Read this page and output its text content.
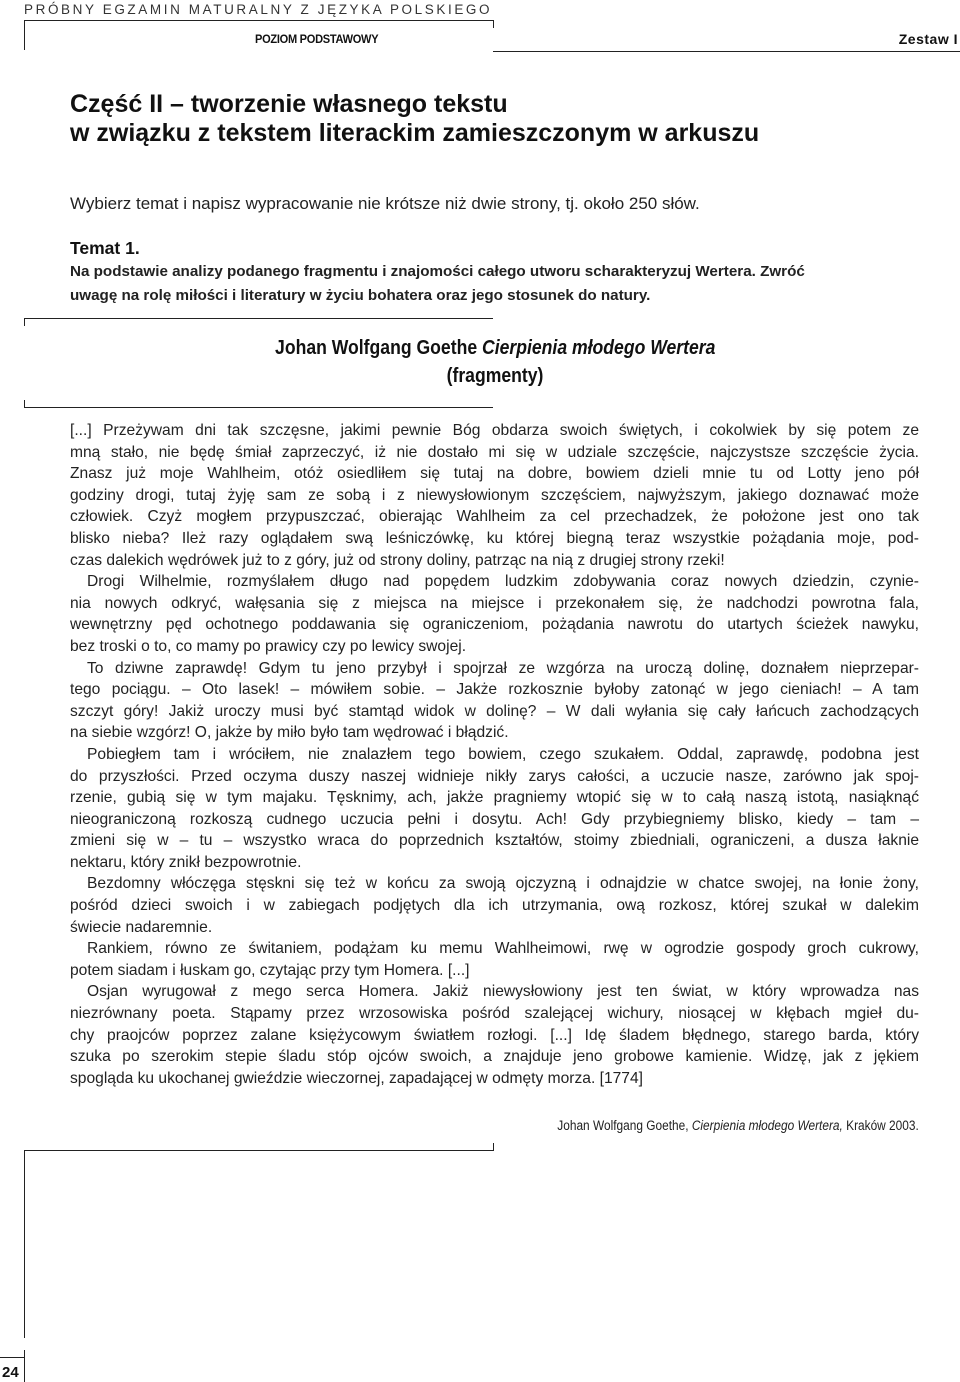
PRÓBNY EGZAMIN MATURALNY Z JĘZYKA POLSKIEGO
POZIOM PODSTAWOWY	Zestaw I
Część II – tworzenie własnego tekstu
w związku z tekstem literackim zamieszczonym w arkuszu
Wybierz temat i napisz wypracowanie nie krótsze niż dwie strony, tj. około 250 słów.
Temat 1.
Na podstawie analizy podanego fragmentu i znajomości całego utworu scharakteryzuj Wertera. Zwróć
uwagę na rolę miłości i literatury w życiu bohatera oraz jego stosunek do natury.
Johan Wolfgang Goethe Cierpienia młodego Wertera
(fragmenty)
[...] Przeżywam dni tak szczęsne, jakimi pewnie Bóg obdarza swoich świętych, i cokolwiek by się potem ze
mną stało, nie będę śmiał zaprzeczyć, iż nie dostało mi się w udziale szczęście, najczystsze szczęście życia.
Znasz już moje Wahlheim, otóż osiedliłem się tutaj na dobre, bowiem dzieli mnie tu od Lotty jeno pół
godziny drogi, tutaj żyję sam ze sobą i z niewysłowionym szczęściem, najwyższym, jakiego doznawać może
człowiek. Czyż mogłem przypuszczać, obierając Wahlheim za cel przechadzek, że położone jest ono tak
blisko nieba? Ileż razy oglądałem swą leśniczówkę, ku której biegną teraz wszystkie pożądania moje, pod-
czas dalekich wędrówek już to z góry, już od strony doliny, patrząc na nią z drugiej strony rzeki!
Drogi Wilhelmie, rozmyślałem długo nad popędem ludzkim zdobywania coraz nowych dziedzin, czynie-
nia nowych odkryć, wałęsania się z miejsca na miejsce i przekonałem się, że nadchodzi powrotna fala,
wewnętrzny pęd ochotnego poddawania się ograniczeniom, pożądania nawrotu do utartych ścieżek nawyku,
bez troski o to, co mamy po prawicy czy po lewicy swojej.
To dziwne zaprawdę! Gdym tu jeno przybył i spojrzał ze wzgórza na uroczą dolinę, doznałem nieprzepar-
tego pociągu. – Oto lasek! – mówiłem sobie. – Jakże rozkosznie byłoby zatonąć w jego cieniach! – A tam
szczyt góry! Jakiż uroczy musi być stamtąd widok w dolinę? – W dali wyłania się cały łańcuch zachodzących
na siebie wzgórz! O, jakże by miło było tam wędrować i błądzić.
Pobiegłem tam i wróciłem, nie znalazłem tego bowiem, czego szukałem. Oddal, zaprawdę, podobna jest
do przyszłości. Przed oczyma duszy naszej widnieje nikły zarys całości, a uczucie nasze, zarówno jak spoj-
rzenie, gubią się w tym majaku. Tęsknimy, ach, jakże pragniemy wtopić się w to całą naszą istotą, nasiąknąć
nieograniczoną rozkoszą cudnego uczucia pełni i dosytu. Ach! Gdy przybiegniemy blisko, kiedy – tam –
zmieni się w – tu – wszystko wraca do poprzednich kształtów, stoimy zbiedniali, ograniczeni, a dusza łaknie
nektaru, który znikł bezpowrotnie.
Bezdomny włóczęga stęskni się też w końcu za swoją ojczyzną i odnajdzie w chatce swojej, na łonie żony,
pośród dzieci swoich i w zabiegach podjętych dla ich utrzymania, ową rozkosz, której szukał w dalekim
świecie nadaremnie.
Rankiem, równo ze świtaniem, podążam ku memu Wahlheimowi, rwę w ogrodzie gospody groch cukrowy,
potem siadam i łuskam go, czytając przy tym Homera. [...]
Osjan wyrugował z mego serca Homera. Jakiż niewysłowiony jest ten świat, w który wprowadza nas
niezrównany poeta. Stąpamy przez wrzosowiska pośród szalejącej wichury, niosącej w kłębach mgieł du-
chy praojców poprzez zalane księżycowym światłem rozłogi. [...] Idę śladem błędnego, starego barda, który
szuka po szerokim stepie śladu stóp ojców swoich, a znajduje jeno grobowe kamienie. Widzę, jak z jękiem
spogląda ku ukochanej gwieździe wieczornej, zapadającej w odmęty morza. [1774]
Johan Wolfgang Goethe, Cierpienia młodego Wertera, Kraków 2003.
24
